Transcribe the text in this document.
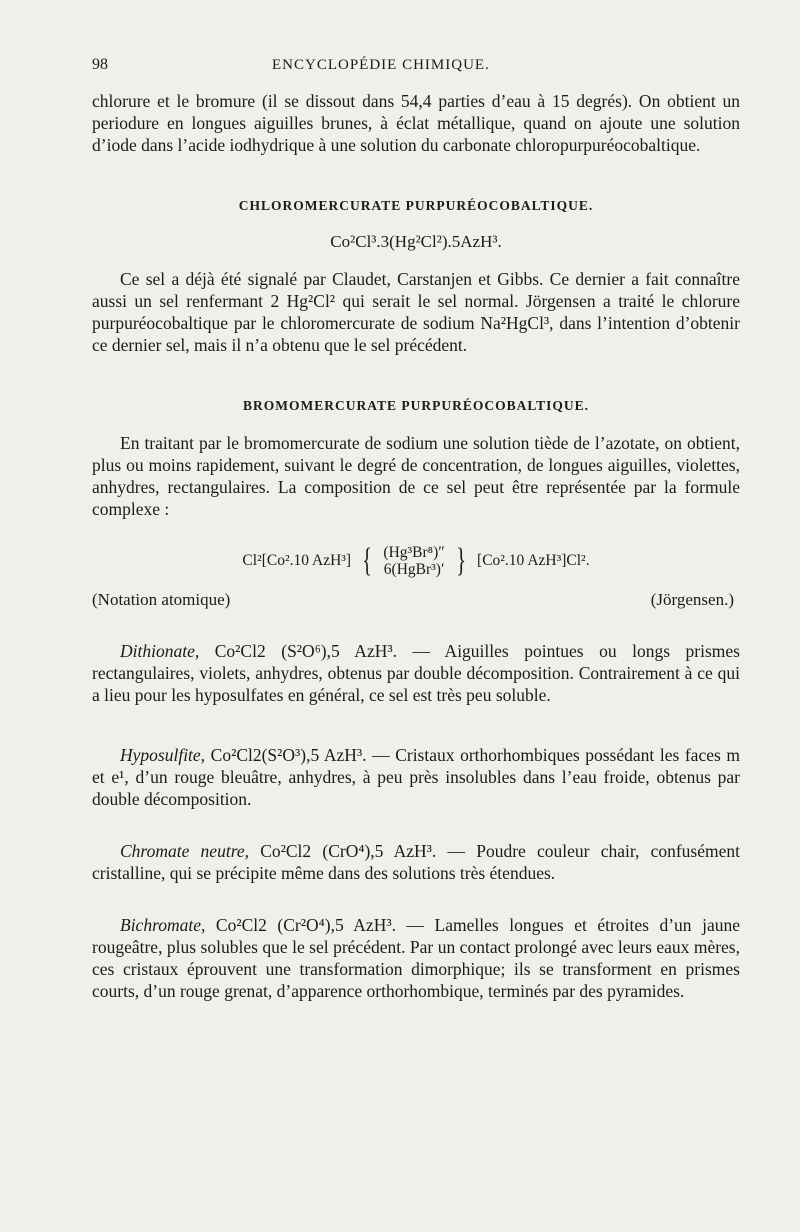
98	ENCYCLOPÉDIE CHIMIQUE.

chlorure et le bromure (il se dissout dans 54,4 parties d’eau à 15 degrés). On obtient un periodure en longues aiguilles brunes, à éclat métallique, quand on ajoute une solution d’iode dans l’acide iodhydrique à une solution du carbonate chloropurpuréocobaltique.

CHLOROMERCURATE PURPURÉOCOBALTIQUE.
Co²Cl³.3(Hg²Cl²).5AzH³.

Ce sel a déjà été signalé par Claudet, Carstanjen et Gibbs. Ce dernier a fait connaître aussi un sel renfermant 2 Hg²Cl² qui serait le sel normal. Jörgensen a traité le chlorure purpuréocobaltique par le chloromercurate de sodium Na²HgCl³, dans l’intention d’obtenir ce dernier sel, mais il n’a obtenu que le sel précédent.

BROMOMERCURATE PURPURÉOCOBALTIQUE.

En traitant par le bromomercurate de sodium une solution tiède de l’azotate, on obtient, plus ou moins rapidement, suivant le degré de concentration, de longues aiguilles, violettes, anhydres, rectangulaires. La composition de ce sel peut être représentée par la formule complexe :

Cl²[Co².10 AzH³] { (Hg³Br⁸)″
6(HgBr³)′ } [Co².10 AzH³]Cl².
(Notation atomique)	(Jörgensen.)

Dithionate, Co²Cl2 (S²O⁶),5 AzH³. — Aiguilles pointues ou longs prismes rectangulaires, violets, anhydres, obtenus par double décomposition. Contrairement à ce qui a lieu pour les hyposulfates en général, ce sel est très peu soluble.

Hyposulfite, Co²Cl2(S²O³),5 AzH³. — Cristaux orthorhombiques possédant les faces m et e¹, d’un rouge bleuâtre, anhydres, à peu près insolubles dans l’eau froide, obtenus par double décomposition.

Chromate neutre, Co²Cl2 (CrO⁴),5 AzH³. — Poudre couleur chair, confusément cristalline, qui se précipite même dans des solutions très étendues.

Bichromate, Co²Cl2 (Cr²O⁴),5 AzH³. — Lamelles longues et étroites d’un jaune rougeâtre, plus solubles que le sel précédent. Par un contact prolongé avec leurs eaux mères, ces cristaux éprouvent une transformation dimorphique; ils se transforment en prismes courts, d’un rouge grenat, d’apparence orthorhombique, terminés par des pyramides.
